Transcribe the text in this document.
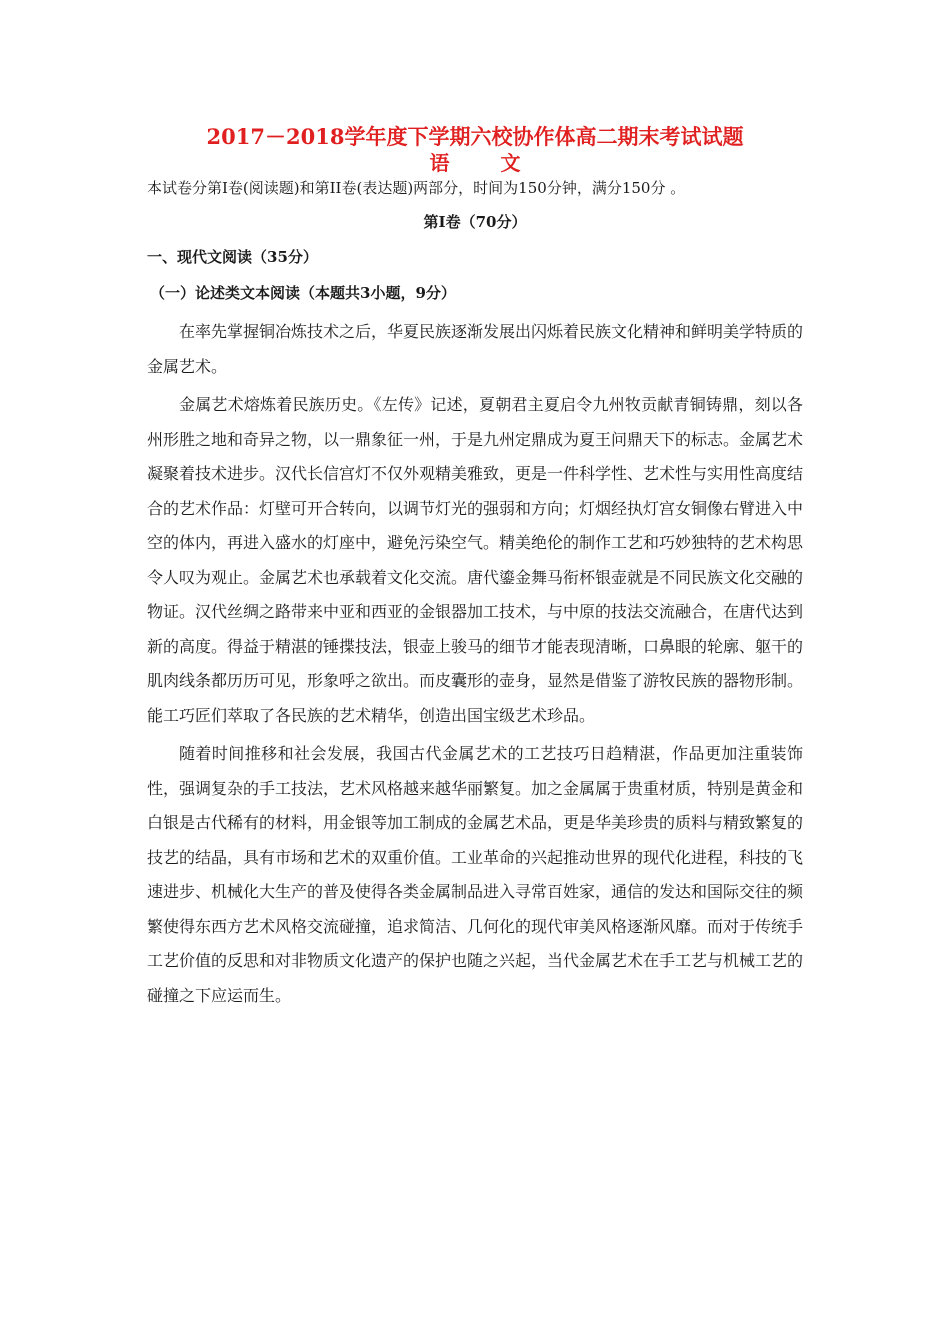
2017－2018学年度下学期六校协作体高二期末考试试题
语 文

本试卷分第Ⅰ卷(阅读题)和第II卷(表达题)两部分，时间为150分钟，满分150分 。

第Ⅰ卷（70分）

一、现代文阅读（35分）

（一）论述类文本阅读（本题共3小题，9分）

在率先掌握铜冶炼技术之后，华夏民族逐渐发展出闪烁着民族文化精神和鲜明美学特质的金属艺术。

金属艺术熔炼着民族历史。《左传》记述，夏朝君主夏启令九州牧贡献青铜铸鼎，刻以各州形胜之地和奇异之物，以一鼎象征一州，于是九州定鼎成为夏王问鼎天下的标志。金属艺术凝聚着技术进步。汉代长信宫灯不仅外观精美雅致，更是一件科学性、艺术性与实用性高度结合的艺术作品：灯壁可开合转向，以调节灯光的强弱和方向；灯烟经执灯宫女铜像右臂进入中空的体内，再进入盛水的灯座中，避免污染空气。精美绝伦的制作工艺和巧妙独特的艺术构思令人叹为观止。金属艺术也承载着文化交流。唐代鎏金舞马衔杯银壶就是不同民族文化交融的物证。汉代丝绸之路带来中亚和西亚的金银器加工技术，与中原的技法交流融合，在唐代达到新的高度。得益于精湛的锤揲技法，银壶上骏马的细节才能表现清晰，口鼻眼的轮廓、躯干的肌肉线条都历历可见，形象呼之欲出。而皮囊形的壶身，显然是借鉴了游牧民族的器物形制。能工巧匠们萃取了各民族的艺术精华，创造出国宝级艺术珍品。

随着时间推移和社会发展，我国古代金属艺术的工艺技巧日趋精湛，作品更加注重装饰性，强调复杂的手工技法，艺术风格越来越华丽繁复。加之金属属于贵重材质，特别是黄金和白银是古代稀有的材料，用金银等加工制成的金属艺术品，更是华美珍贵的质料与精致繁复的技艺的结晶，具有市场和艺术的双重价值。工业革命的兴起推动世界的现代化进程，科技的飞速进步、机械化大生产的普及使得各类金属制品进入寻常百姓家，通信的发达和国际交往的频繁使得东西方艺术风格交流碰撞，追求简洁、几何化的现代审美风格逐渐风靡。而对于传统手工艺价值的反思和对非物质文化遗产的保护也随之兴起，当代金属艺术在手工艺与机械工艺的碰撞之下应运而生。
